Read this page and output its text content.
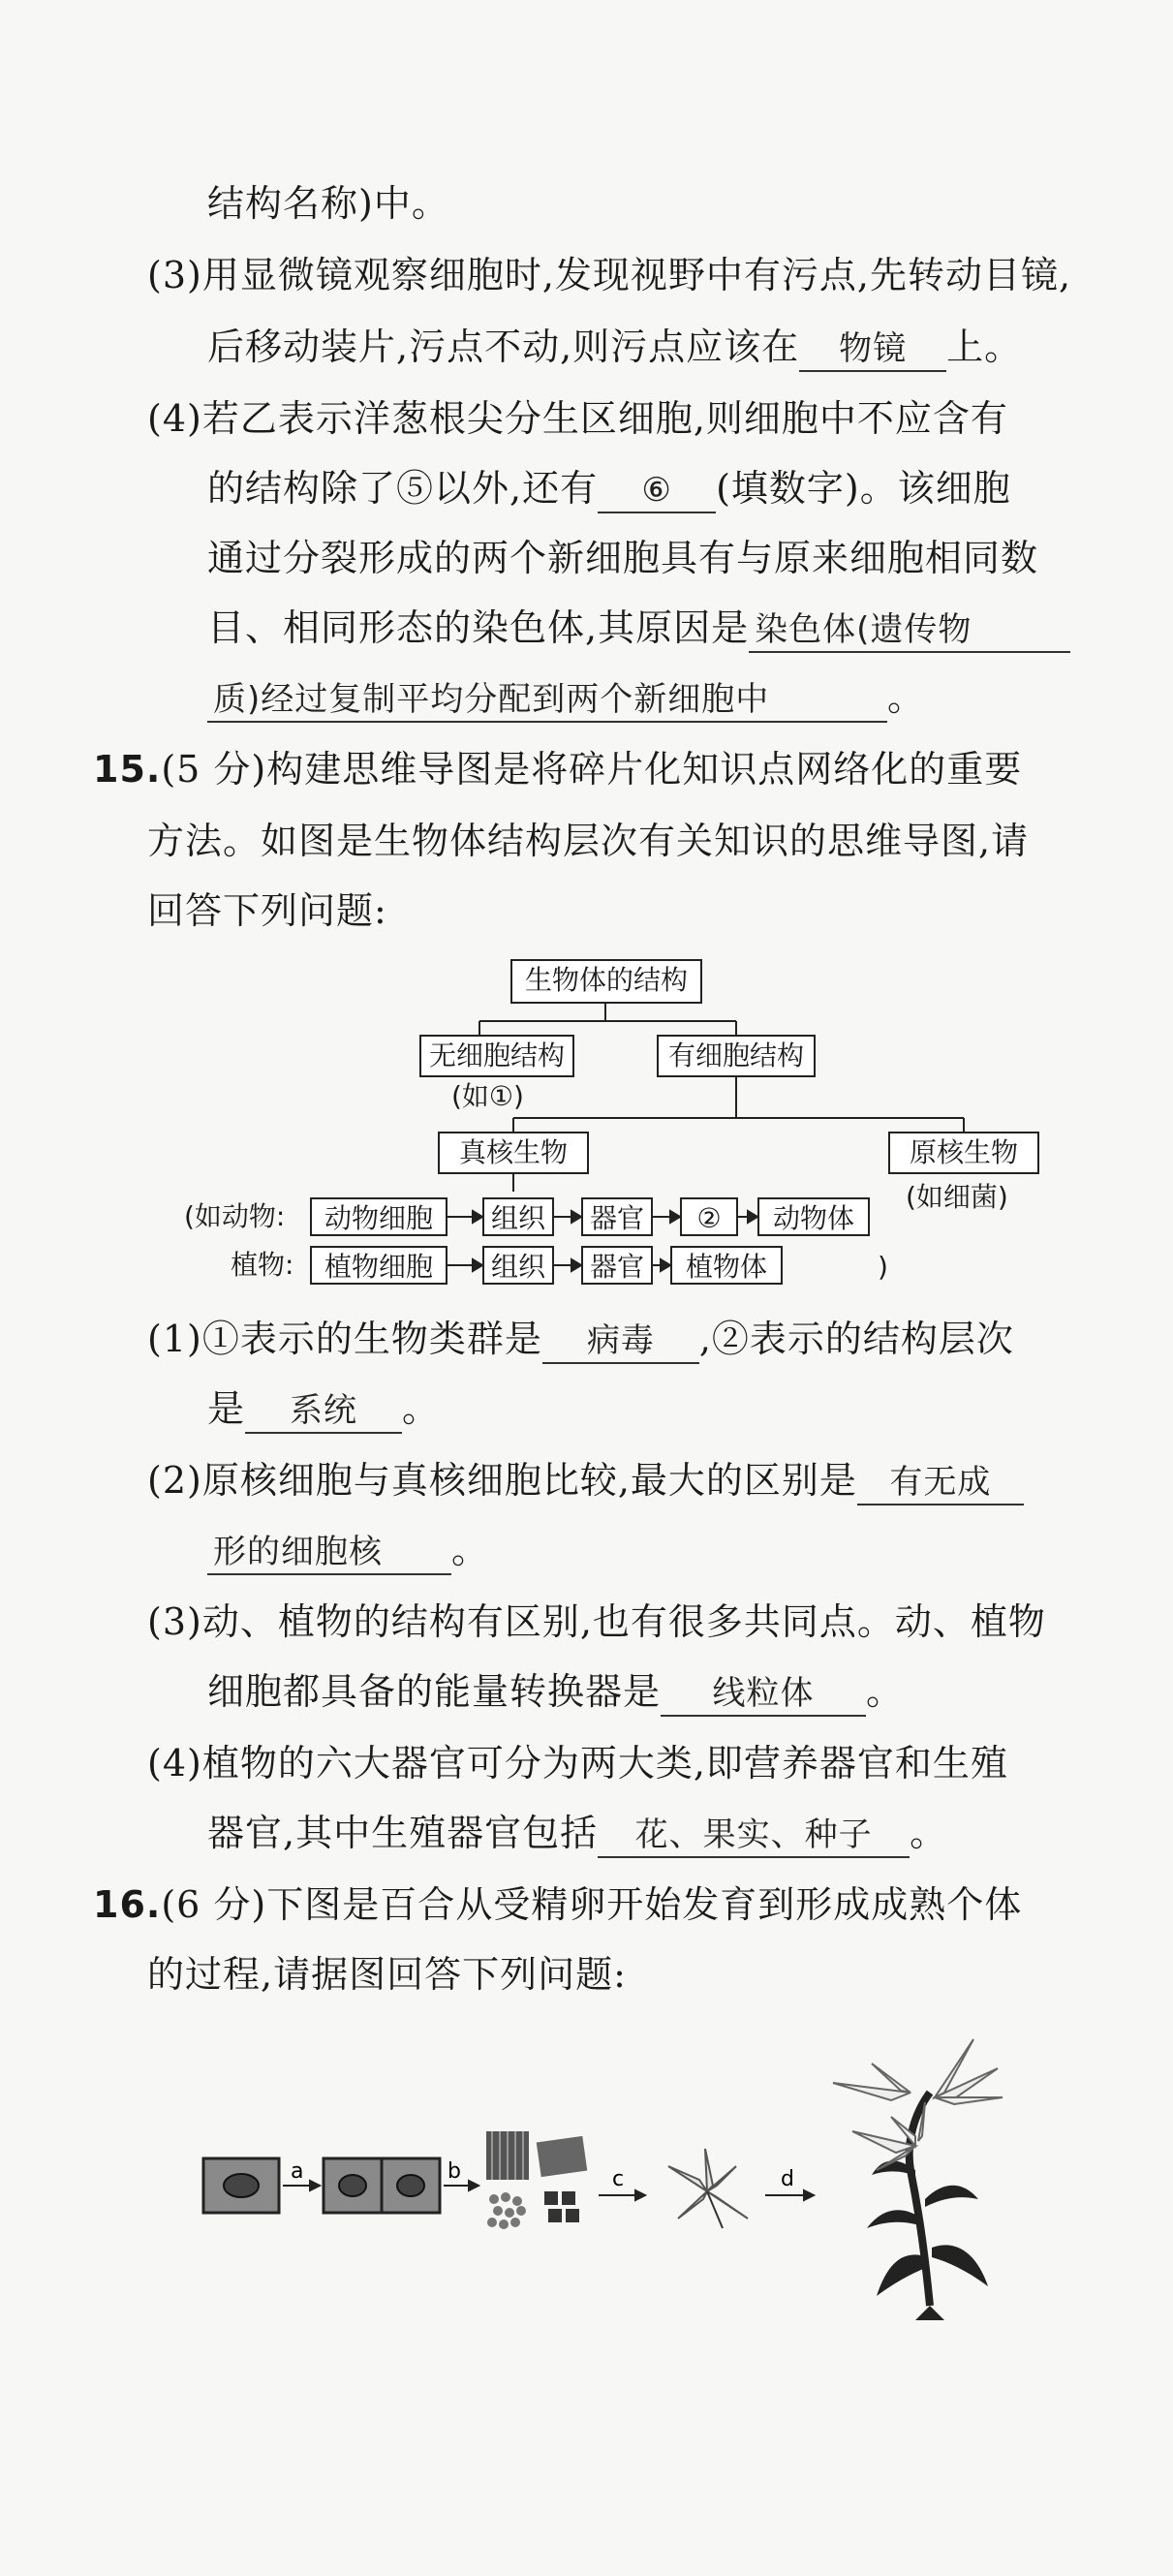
结构名称)中。
(3)用显微镜观察细胞时,发现视野中有污点,先转动目镜,
后移动装片,污点不动,则污点应该在 物镜 上。
(4)若乙表示洋葱根尖分生区细胞,则细胞中不应含有
的结构除了⑤以外,还有 ⑥ (填数字)。该细胞
通过分裂形成的两个新细胞具有与原来细胞相同数
目、相同形态的染色体,其原因是 染色体(遗传物
质)经过复制平均分配到两个新细胞中	。
15.(5 分)构建思维导图是将碎片化知识点网络化的重要
方法。如图是生物体结构层次有关知识的思维导图,请
回答下列问题:
生物体的结构
无细胞结构
(如①)
有细胞结构
真核生物	原核生物
(如细菌)
(如动物:	动物细胞	组织	器官	②	动物体
植物:	植物细胞	组织	器官	植物体	)
(1)①表示的生物类群是 病毒 ,②表示的结构层次
是 系统 。
(2)原核细胞与真核细胞比较,最大的区别是 有无成
形的细胞核 。
(3)动、植物的结构有区别,也有很多共同点。动、植物
细胞都具备的能量转换器是 线粒体 。
(4)植物的六大器官可分为两大类,即营养器官和生殖
器官,其中生殖器官包括 花、果实、种子 。
16.(6 分)下图是百合从受精卵开始发育到形成成熟个体
的过程,请据图回答下列问题:
a	b	c	d
